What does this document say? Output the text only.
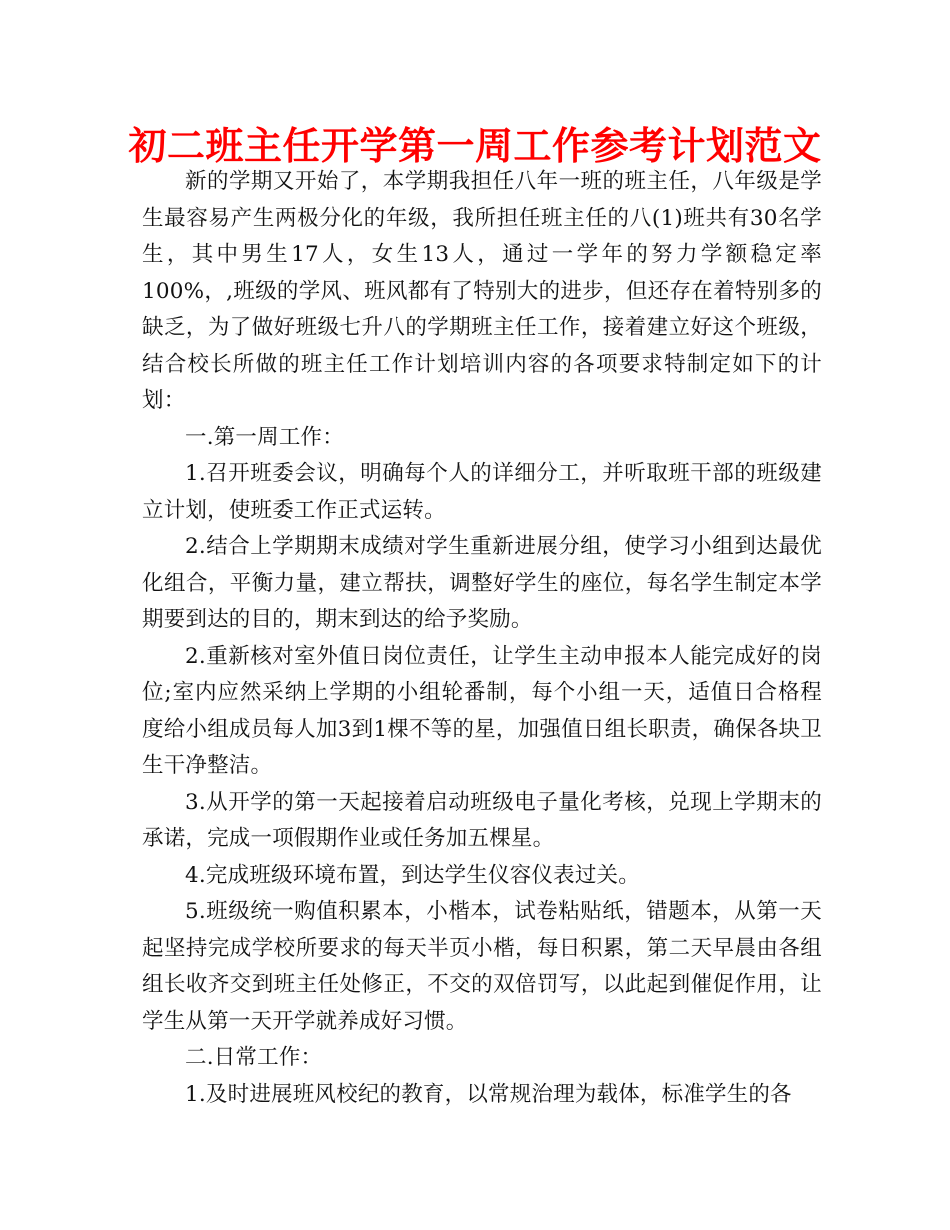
初二班主任开学第一周工作参考计划范文

新的学期又开始了，本学期我担任八年一班的班主任，八年级是学生最容易产生两极分化的年级，我所担任班主任的八(1)班共有30名学生，其中男生17人，女生13人，通过一学年的努力学额稳定率100%，,班级的学风、班风都有了特别大的进步，但还存在着特别多的缺乏，为了做好班级七升八的学期班主任工作，接着建立好这个班级，结合校长所做的班主任工作计划培训内容的各项要求特制定如下的计划：

一.第一周工作：

1.召开班委会议，明确每个人的详细分工，并听取班干部的班级建立计划，使班委工作正式运转。

2.结合上学期期末成绩对学生重新进展分组，使学习小组到达最优化组合，平衡力量，建立帮扶，调整好学生的座位，每名学生制定本学期要到达的目的，期末到达的给予奖励。

2.重新核对室外值日岗位责任，让学生主动申报本人能完成好的岗位;室内应然采纳上学期的小组轮番制，每个小组一天，适值日合格程度给小组成员每人加3到1棵不等的星，加强值日组长职责，确保各块卫生干净整洁。

3.从开学的第一天起接着启动班级电子量化考核，兑现上学期末的承诺，完成一项假期作业或任务加五棵星。

4.完成班级环境布置，到达学生仪容仪表过关。

5.班级统一购值积累本，小楷本，试卷粘贴纸，错题本，从第一天起坚持完成学校所要求的每天半页小楷，每日积累，第二天早晨由各组组长收齐交到班主任处修正，不交的双倍罚写，以此起到催促作用，让学生从第一天开学就养成好习惯。

二.日常工作：

1.及时进展班风校纪的教育，以常规治理为载体，标准学生的各
